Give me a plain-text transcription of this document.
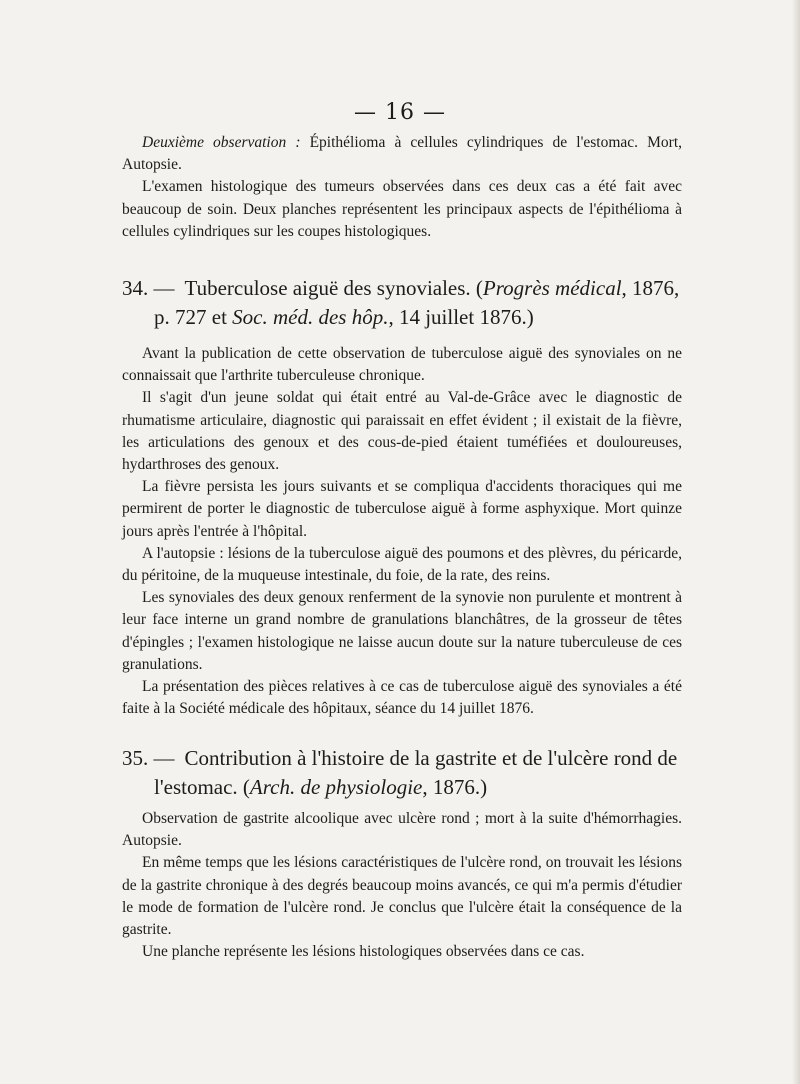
— 16 —

Deuxième observation : Épithélioma à cellules cylindriques de l'estomac. Mort, Autopsie.

L'examen histologique des tumeurs observées dans ces deux cas a été fait avec beaucoup de soin. Deux planches représentent les principaux aspects de l'épithélioma à cellules cylindriques sur les coupes histologiques.

34. — Tuberculose aiguë des synoviales. (Progrès médical, 1876, p. 727 et Soc. méd. des hôp., 14 juillet 1876.)

Avant la publication de cette observation de tuberculose aiguë des synoviales on ne connaissait que l'arthrite tuberculeuse chronique.

Il s'agit d'un jeune soldat qui était entré au Val-de-Grâce avec le diagnostic de rhumatisme articulaire, diagnostic qui paraissait en effet évident ; il existait de la fièvre, les articulations des genoux et des cous-de-pied étaient tuméfiées et douloureuses, hydarthroses des genoux.

La fièvre persista les jours suivants et se compliqua d'accidents thoraciques qui me permirent de porter le diagnostic de tuberculose aiguë à forme asphyxique. Mort quinze jours après l'entrée à l'hôpital.

A l'autopsie : lésions de la tuberculose aiguë des poumons et des plèvres, du péricarde, du péritoine, de la muqueuse intestinale, du foie, de la rate, des reins.

Les synoviales des deux genoux renferment de la synovie non purulente et montrent à leur face interne un grand nombre de granulations blanchâtres, de la grosseur de têtes d'épingles ; l'examen histologique ne laisse aucun doute sur la nature tuberculeuse de ces granulations.

La présentation des pièces relatives à ce cas de tuberculose aiguë des synoviales a été faite à la Société médicale des hôpitaux, séance du 14 juillet 1876.

35. — Contribution à l'histoire de la gastrite et de l'ulcère rond de l'estomac. (Arch. de physiologie, 1876.)

Observation de gastrite alcoolique avec ulcère rond ; mort à la suite d'hémorrhagies. Autopsie.

En même temps que les lésions caractéristiques de l'ulcère rond, on trouvait les lésions de la gastrite chronique à des degrés beaucoup moins avancés, ce qui m'a permis d'étudier le mode de formation de l'ulcère rond. Je conclus que l'ulcère était la conséquence de la gastrite.

Une planche représente les lésions histologiques observées dans ce cas.
